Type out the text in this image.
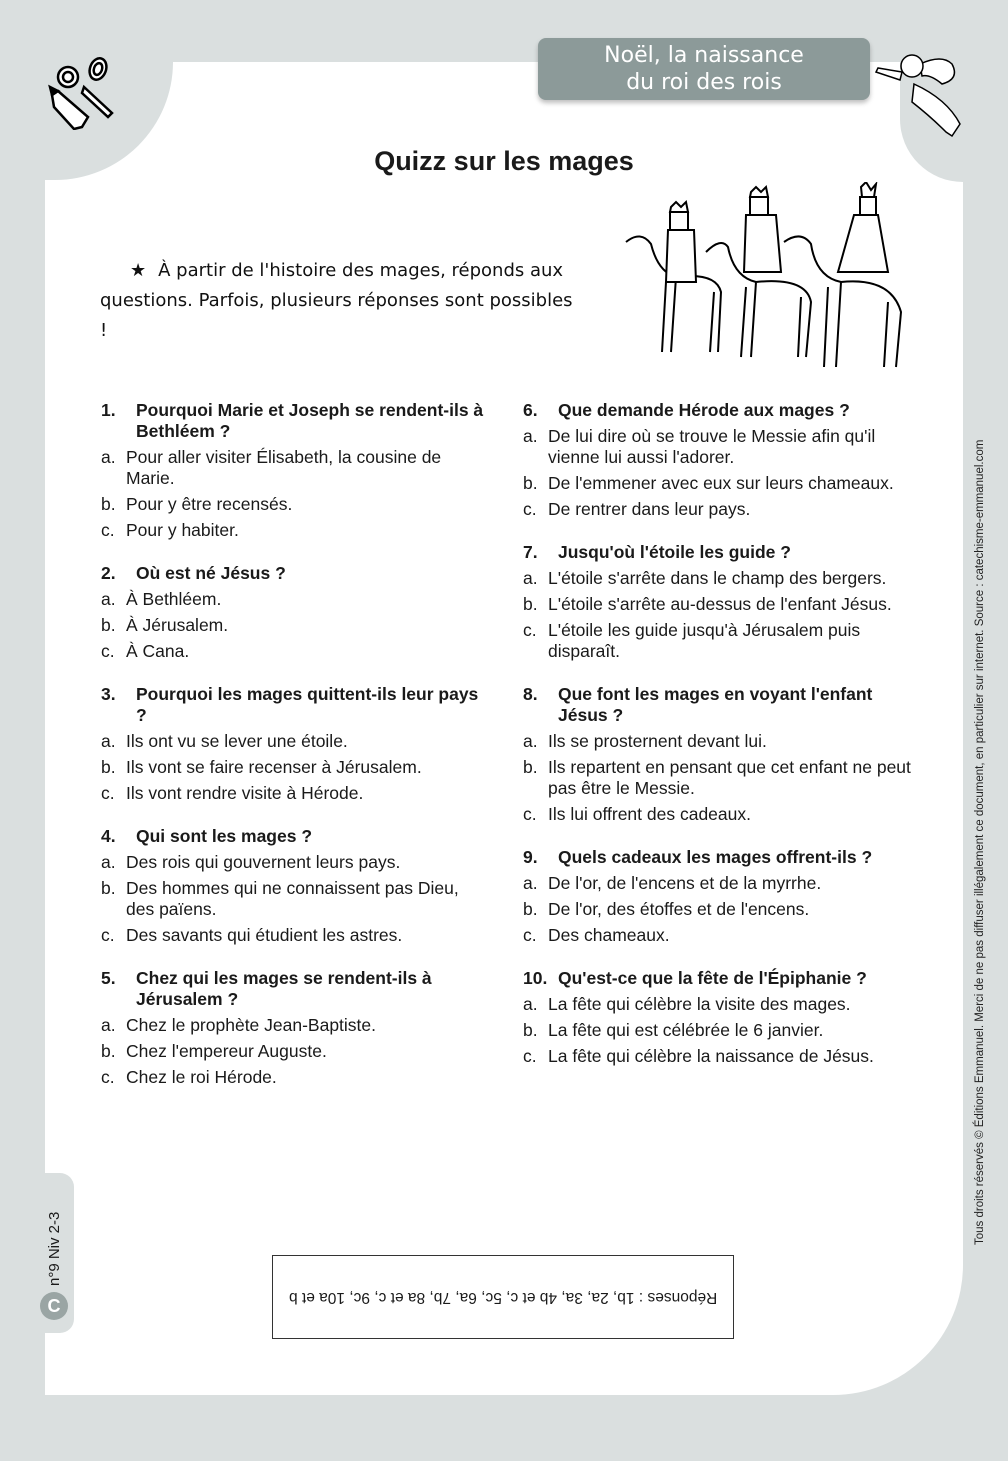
Noël, la naissance
du roi des rois
Quizz sur les mages
★ À partir de l'histoire des mages, réponds aux questions. Parfois, plusieurs réponses sont possibles !
1.	Pourquoi Marie et Joseph se rendent-ils à Bethléem ?
a. Pour aller visiter Élisabeth, la cousine de Marie.
b. Pour y être recensés.
c. Pour y habiter.
2.	Où est né Jésus ?
a. À Bethléem.
b. À Jérusalem.
c. À Cana.
3.	Pourquoi les mages quittent-ils leur pays ?
a. Ils ont vu se lever une étoile.
b. Ils vont se faire recenser à Jérusalem.
c. Ils vont rendre visite à Hérode.
4.	Qui sont les mages ?
a. Des rois qui gouvernent leurs pays.
b. Des hommes qui ne connaissent pas Dieu, des païens.
c. Des savants qui étudient les astres.
5.	Chez qui les mages se rendent-ils à Jérusalem ?
a. Chez le prophète Jean-Baptiste.
b. Chez l'empereur Auguste.
c. Chez le roi Hérode.
6.	Que demande Hérode aux mages ?
a. De lui dire où se trouve le Messie afin qu'il vienne lui aussi l'adorer.
b. De l'emmener avec eux sur leurs chameaux.
c. De rentrer dans leur pays.
7.	Jusqu'où l'étoile les guide ?
a. L'étoile s'arrête dans le champ des bergers.
b. L'étoile s'arrête au-dessus de l'enfant Jésus.
c. L'étoile les guide jusqu'à Jérusalem puis disparaît.
8.	Que font les mages en voyant l'enfant Jésus ?
a. Ils se prosternent devant lui.
b. Ils repartent en pensant que cet enfant ne peut pas être le Messie.
c. Ils lui offrent des cadeaux.
9.	Quels cadeaux les mages offrent-ils ?
a. De l'or, de l'encens et de la myrrhe.
b. De l'or, des étoffes et de l'encens.
c. Des chameaux.
10. Qu'est-ce que la fête de l'Épiphanie ?
a. La fête qui célèbre la visite des mages.
b. La fête qui est célébrée le 6 janvier.
c. La fête qui célèbre la naissance de Jésus.
Réponses : 1b, 2a, 3a, 4b et c, 5c, 6a, 7b, 8a et c, 9c, 10a et b
C
n°9 Niv 2-3
Tous droits réservés © Éditions Emmanuel. Merci de ne pas diffuser illégalement ce document, en particulier sur internet. Source : catechisme-emmanuel.com
